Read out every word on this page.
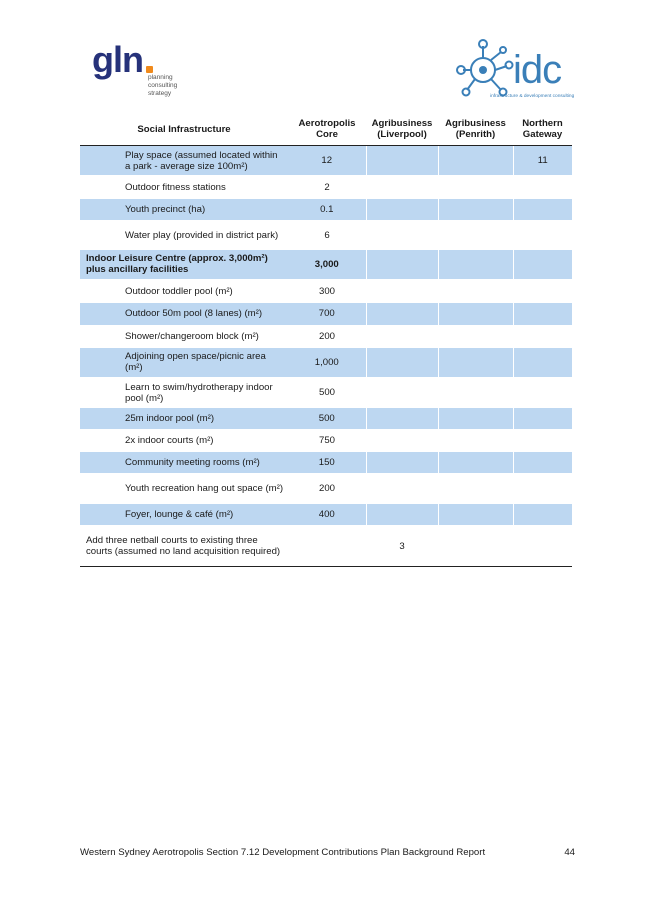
gln planning
consulting
strategy
idc
infrastructure & development consulting
Social Infrastructure	Aerotropolis Core	Agribusiness (Liverpool)	Agribusiness (Penrith)	Northern Gateway
Play space (assumed located within a park - average size 100m²)	12			11
Outdoor fitness stations	2			
Youth precinct (ha)	0.1			
Water play (provided in district park)	6			
Indoor Leisure Centre (approx. 3,000m²) plus ancillary facilities	3,000			
Outdoor toddler pool (m²)	300			
Outdoor 50m pool (8 lanes) (m²)	700			
Shower/changeroom block (m²)	200			
Adjoining open space/picnic area (m²)	1,000			
Learn to swim/hydrotherapy indoor pool (m²)	500			
25m indoor pool (m²)	500			
2x indoor courts (m²)	750			
Community meeting rooms (m²)	150			
Youth recreation hang out space (m²)	200			
Foyer, lounge & café (m²)	400			
Add three netball courts to existing three courts (assumed no land acquisition required)		3		
Western Sydney Aerotropolis Section 7.12 Development Contributions Plan Background Report	44
